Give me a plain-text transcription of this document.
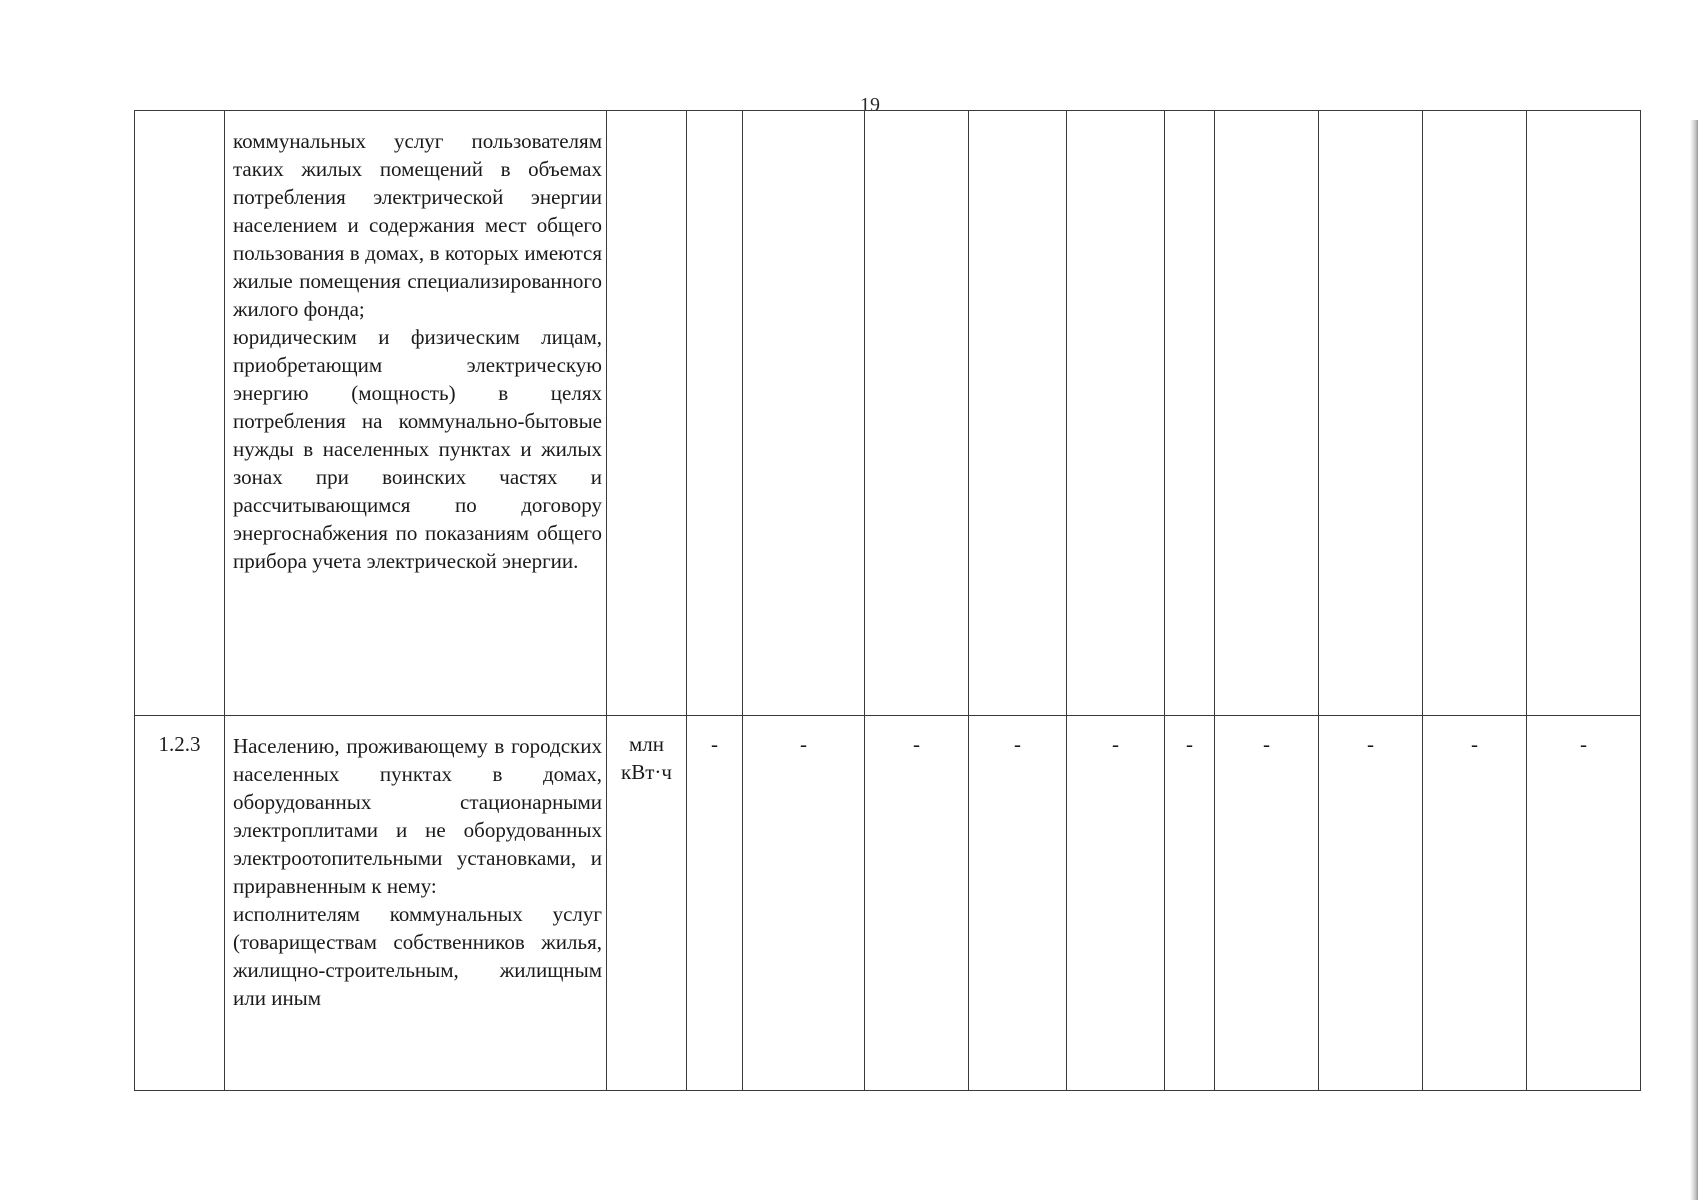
19

	коммунальных услуг пользователям таких жилых помещений в объемах потребления электрической энергии населением и содержания мест общего пользования в домах, в которых имеются жилые помещения специализированного жилого фонда;
юридическим и физическим лицам, приобретающим электрическую энергию (мощность) в целях потребления на коммунально-бытовые нужды в населенных пунктах и жилых зонах при воинских частях и рассчитывающимся по договору энергоснабжения по показаниям общего прибора учета электрической энергии.											

1.2.3	Населению, проживающему в городских населенных пунктах в домах, оборудованных стационарными электроплитами и не оборудованных электроотопительными установками, и приравненным к нему:
исполнителям коммунальных услуг (товариществам собственников жилья, жилищно-строительным, жилищным или иным	млн кВт·ч	-	-	-	-	-	-	-	-	-	-
